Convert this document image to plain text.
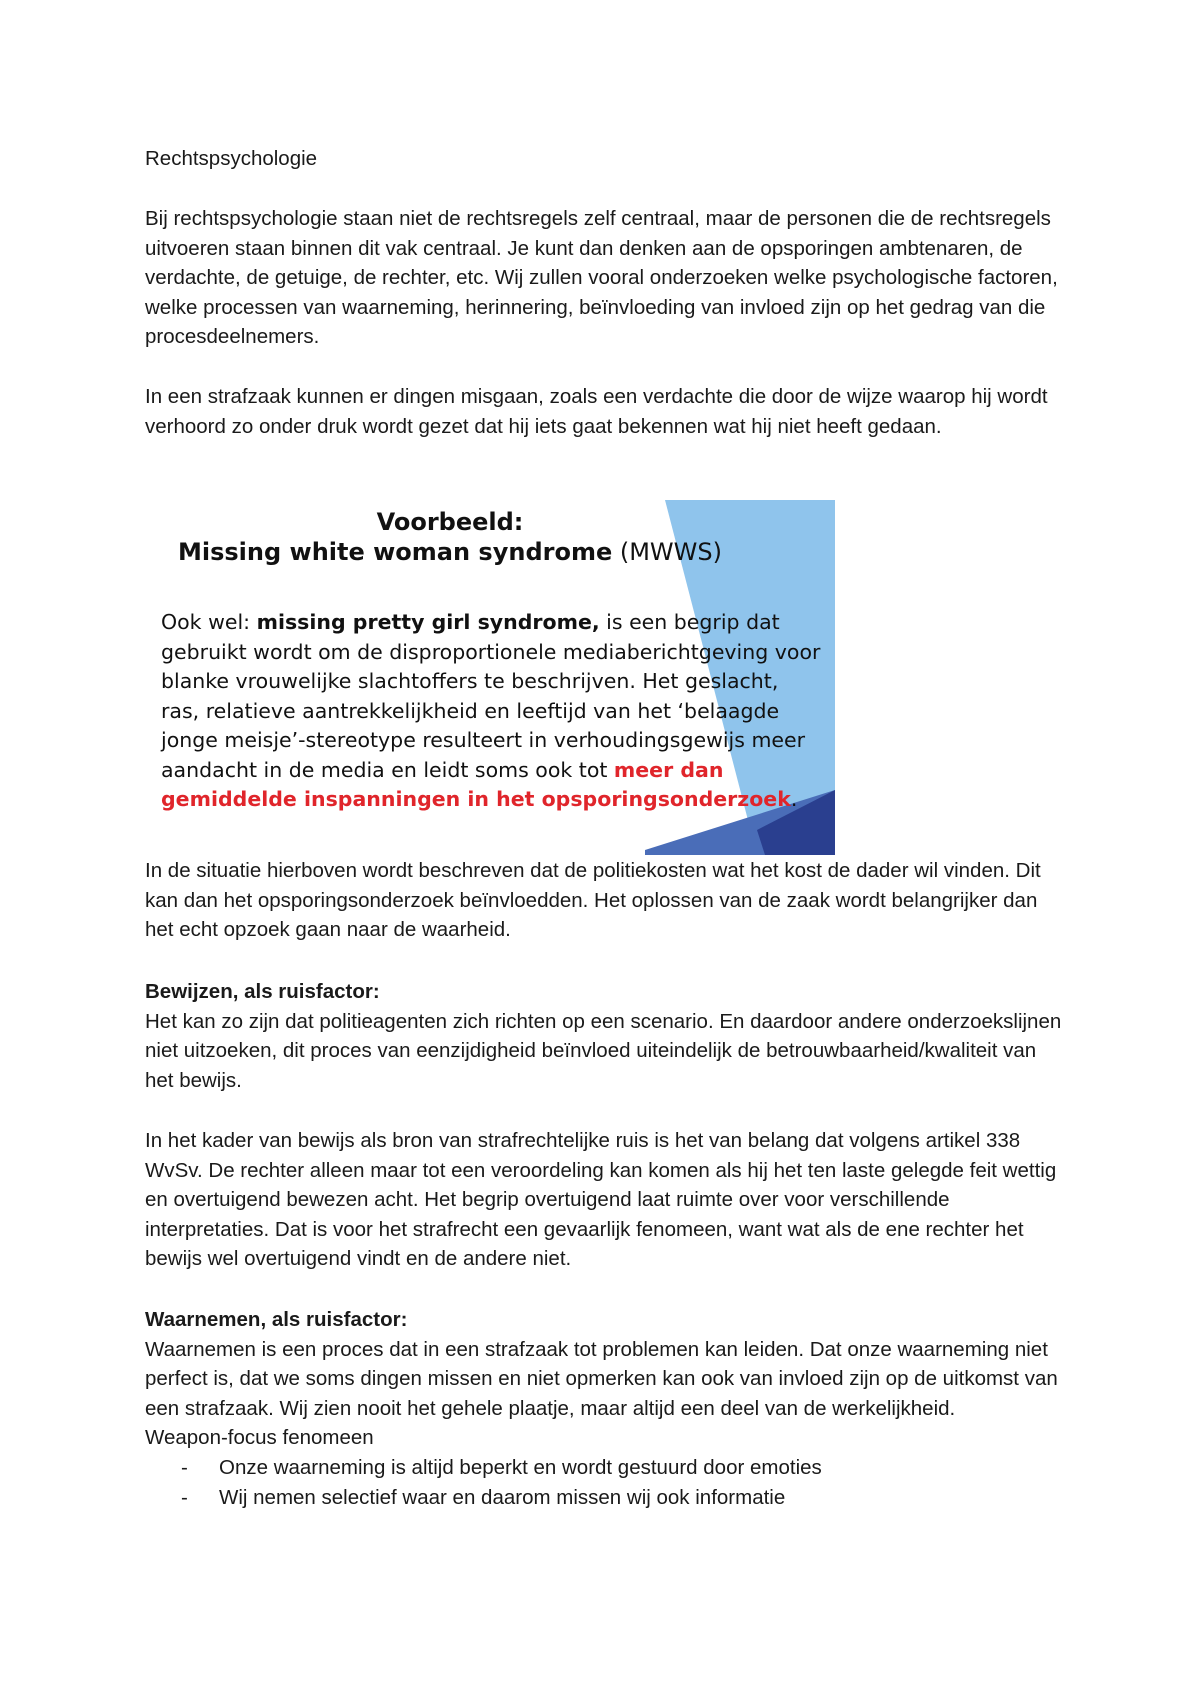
Rechtspsychologie

Bij rechtspsychologie staan niet de rechtsregels zelf centraal, maar de personen die de rechtsregels uitvoeren staan binnen dit vak centraal. Je kunt dan denken aan de opsporingen ambtenaren, de verdachte, de getuige, de rechter, etc. Wij zullen vooral onderzoeken welke psychologische factoren, welke processen van waarneming, herinnering, beïnvloeding van invloed zijn op het gedrag van die procesdeelnemers.

In een strafzaak kunnen er dingen misgaan, zoals een verdachte die door de wijze waarop hij wordt verhoord zo onder druk wordt gezet dat hij iets gaat bekennen wat hij niet heeft gedaan.

Voorbeeld:
Missing white woman syndrome (MWWS)
Ook wel: missing pretty girl syndrome, is een begrip dat gebruikt wordt om de disproportionele mediaberichtgeving voor blanke vrouwelijke slachtoffers te beschrijven. Het geslacht, ras, relatieve aantrekkelijkheid en leeftijd van het ‘belaagde jonge meisje’-stereotype resulteert in verhoudingsgewijs meer aandacht in de media en leidt soms ook tot meer dan gemiddelde inspanningen in het opsporingsonderzoek.

In de situatie hierboven wordt beschreven dat de politiekosten wat het kost de dader wil vinden. Dit kan dan het opsporingsonderzoek beïnvloedden. Het oplossen van de zaak wordt belangrijker dan het echt opzoek gaan naar de waarheid.

Bewijzen, als ruisfactor:

Het kan zo zijn dat politieagenten zich richten op een scenario. En daardoor andere onderzoekslijnen niet uitzoeken, dit proces van eenzijdigheid beïnvloed uiteindelijk de betrouwbaarheid/kwaliteit van het bewijs.

In het kader van bewijs als bron van strafrechtelijke ruis is het van belang dat volgens artikel 338 WvSv. De rechter alleen maar tot een veroordeling kan komen als hij het ten laste gelegde feit wettig en overtuigend bewezen acht. Het begrip overtuigend laat ruimte over voor verschillende interpretaties. Dat is voor het strafrecht een gevaarlijk fenomeen, want wat als de ene rechter het bewijs wel overtuigend vindt en de andere niet.

Waarnemen, als ruisfactor:

Waarnemen is een proces dat in een strafzaak tot problemen kan leiden. Dat onze waarneming niet perfect is, dat we soms dingen missen en niet opmerken kan ook van invloed zijn op de uitkomst van een strafzaak. Wij zien nooit het gehele plaatje, maar altijd een deel van de werkelijkheid.

Weapon-focus fenomeen

- Onze waarneming is altijd beperkt en wordt gestuurd door emoties
- Wij nemen selectief waar en daarom missen wij ook informatie
